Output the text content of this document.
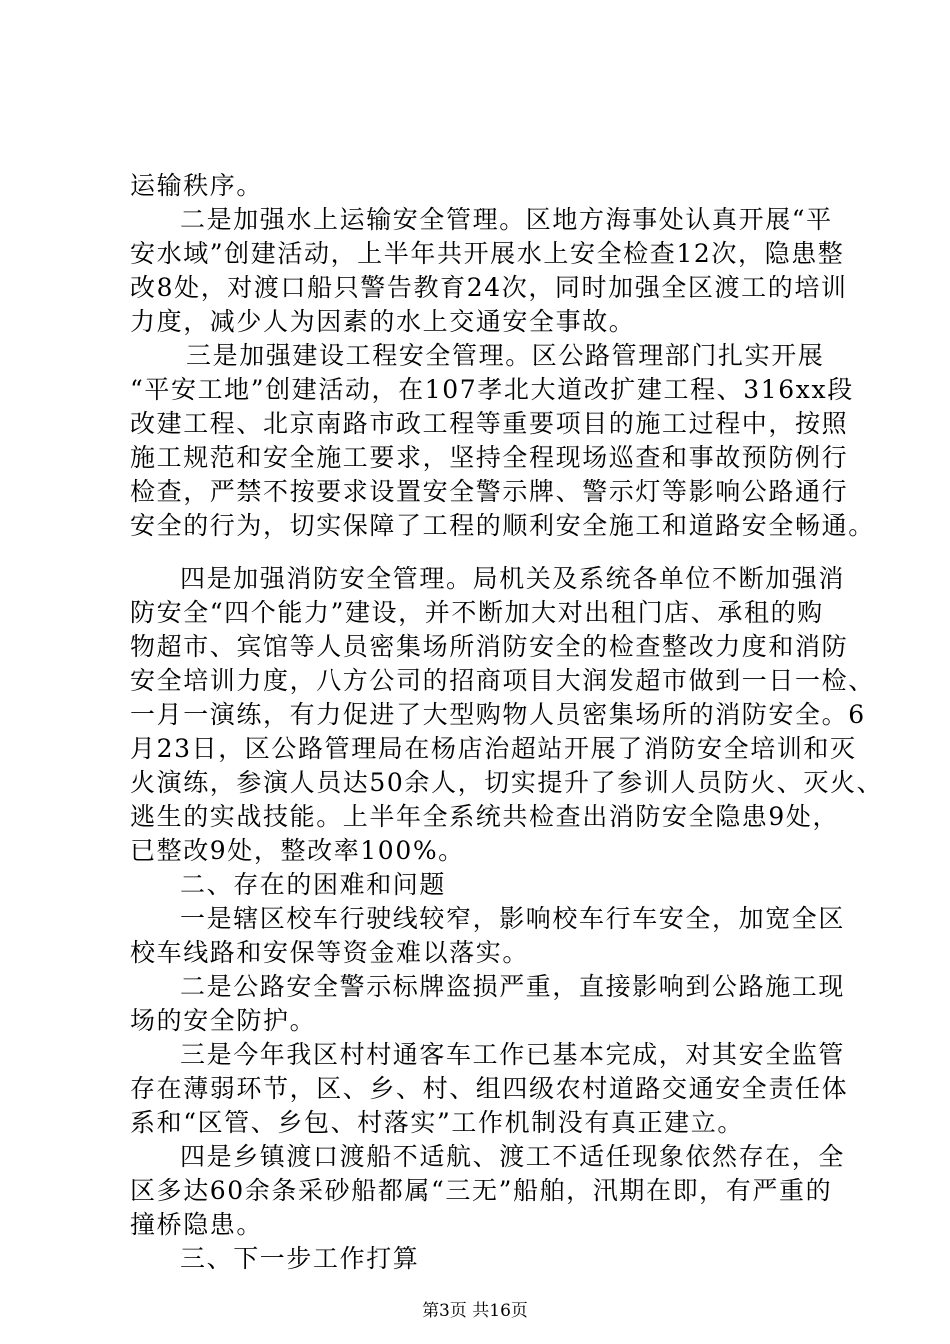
运输秩序。
二是加强水上运输安全管理。区地方海事处认真开展“平
安水域”创建活动，上半年共开展水上安全检查12次，隐患整
改8处，对渡口船只警告教育24次，同时加强全区渡工的培训
力度，减少人为因素的水上交通安全事故。
三是加强建设工程安全管理。区公路管理部门扎实开展
“平安工地”创建活动，在107孝北大道改扩建工程、316xx段
改建工程、北京南路市政工程等重要项目的施工过程中，按照
施工规范和安全施工要求，坚持全程现场巡查和事故预防例行
检查，严禁不按要求设置安全警示牌、警示灯等影响公路通行
安全的行为，切实保障了工程的顺利安全施工和道路安全畅通。
四是加强消防安全管理。局机关及系统各单位不断加强消
防安全“四个能力”建设，并不断加大对出租门店、承租的购
物超市、宾馆等人员密集场所消防安全的检查整改力度和消防
安全培训力度，八方公司的招商项目大润发超市做到一日一检、
一月一演练，有力促进了大型购物人员密集场所的消防安全。6
月23日，区公路管理局在杨店治超站开展了消防安全培训和灭
火演练，参演人员达50余人，切实提升了参训人员防火、灭火、
逃生的实战技能。上半年全系统共检查出消防安全隐患9处，
已整改9处，整改率100%。
二、存在的困难和问题
一是辖区校车行驶线较窄，影响校车行车安全，加宽全区
校车线路和安保等资金难以落实。
二是公路安全警示标牌盗损严重，直接影响到公路施工现
场的安全防护。
三是今年我区村村通客车工作已基本完成，对其安全监管
存在薄弱环节，区、乡、村、组四级农村道路交通安全责任体
系和“区管、乡包、村落实”工作机制没有真正建立。
四是乡镇渡口渡船不适航、渡工不适任现象依然存在，全
区多达60余条采砂船都属“三无”船舶，汛期在即，有严重的
撞桥隐患。
三、下一步工作打算
第3页 共16页
